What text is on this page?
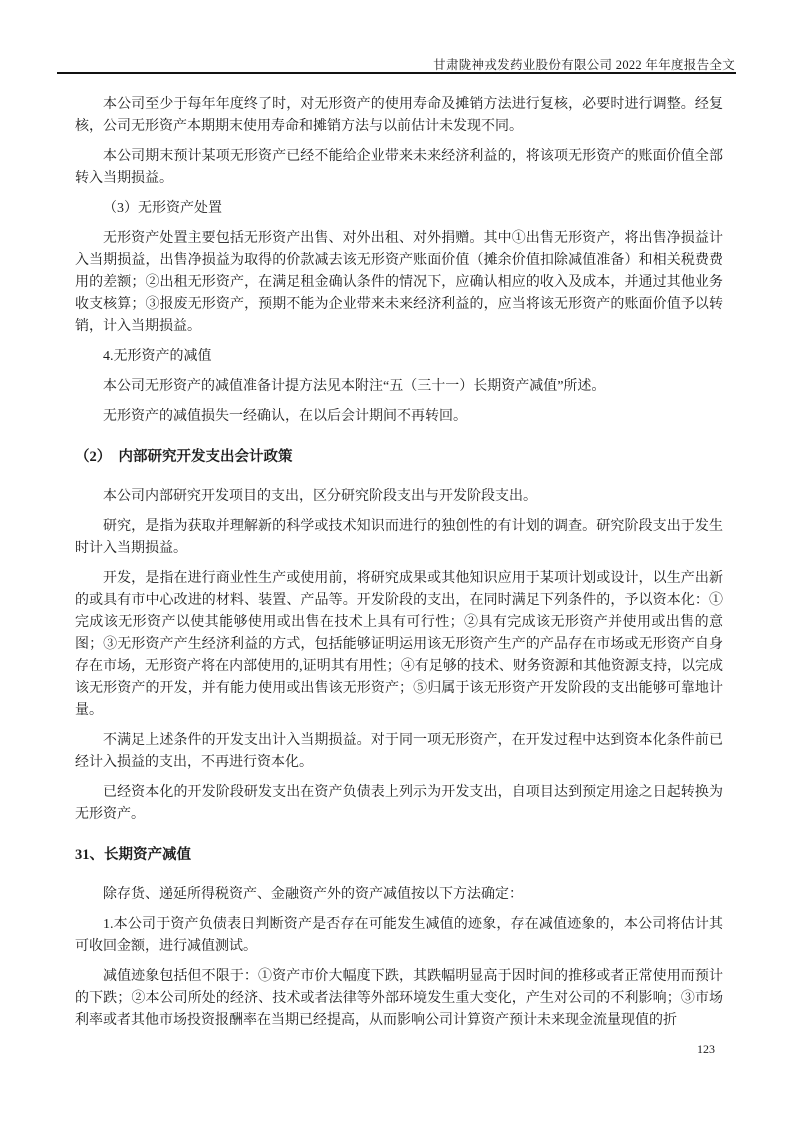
甘肃陇神戎发药业股份有限公司 2022 年年度报告全文

本公司至少于每年年度终了时，对无形资产的使用寿命及摊销方法进行复核，必要时进行调整。经复核，公司无形资产本期期末使用寿命和摊销方法与以前估计未发现不同。

本公司期末预计某项无形资产已经不能给企业带来未来经济利益的，将该项无形资产的账面价值全部转入当期损益。

（3）无形资产处置

无形资产处置主要包括无形资产出售、对外出租、对外捐赠。其中①出售无形资产，将出售净损益计入当期损益，出售净损益为取得的价款减去该无形资产账面价值（摊余价值扣除减值准备）和相关税费费用的差额；②出租无形资产，在满足租金确认条件的情况下，应确认相应的收入及成本，并通过其他业务收支核算；③报废无形资产，预期不能为企业带来未来经济利益的，应当将该无形资产的账面价值予以转销，计入当期损益。

4.无形资产的减值

本公司无形资产的减值准备计提方法见本附注“五（三十一）长期资产减值”所述。

无形资产的减值损失一经确认，在以后会计期间不再转回。

（2）　内部研究开发支出会计政策

本公司内部研究开发项目的支出，区分研究阶段支出与开发阶段支出。

研究，是指为获取并理解新的科学或技术知识而进行的独创性的有计划的调查。研究阶段支出于发生时计入当期损益。

开发，是指在进行商业性生产或使用前，将研究成果或其他知识应用于某项计划或设计，以生产出新的或具有市中心改进的材料、装置、产品等。开发阶段的支出，在同时满足下列条件的，予以资本化：①完成该无形资产以使其能够使用或出售在技术上具有可行性；②具有完成该无形资产并使用或出售的意图；③无形资产产生经济利益的方式，包括能够证明运用该无形资产生产的产品存在市场或无形资产自身存在市场，无形资产将在内部使用的,证明其有用性；④有足够的技术、财务资源和其他资源支持，以完成该无形资产的开发，并有能力使用或出售该无形资产；⑤归属于该无形资产开发阶段的支出能够可靠地计量。

不满足上述条件的开发支出计入当期损益。对于同一项无形资产，在开发过程中达到资本化条件前已经计入损益的支出，不再进行资本化。

已经资本化的开发阶段研发支出在资产负债表上列示为开发支出，自项目达到预定用途之日起转换为无形资产。

31、长期资产减值

除存货、递延所得税资产、金融资产外的资产减值按以下方法确定：

1.本公司于资产负债表日判断资产是否存在可能发生减值的迹象，存在减值迹象的，本公司将估计其可收回金额，进行减值测试。

减值迹象包括但不限于：①资产市价大幅度下跌，其跌幅明显高于因时间的推移或者正常使用而预计的下跌；②本公司所处的经济、技术或者法律等外部环境发生重大变化，产生对公司的不利影响；③市场利率或者其他市场投资报酬率在当期已经提高，从而影响公司计算资产预计未来现金流量现值的折

123
